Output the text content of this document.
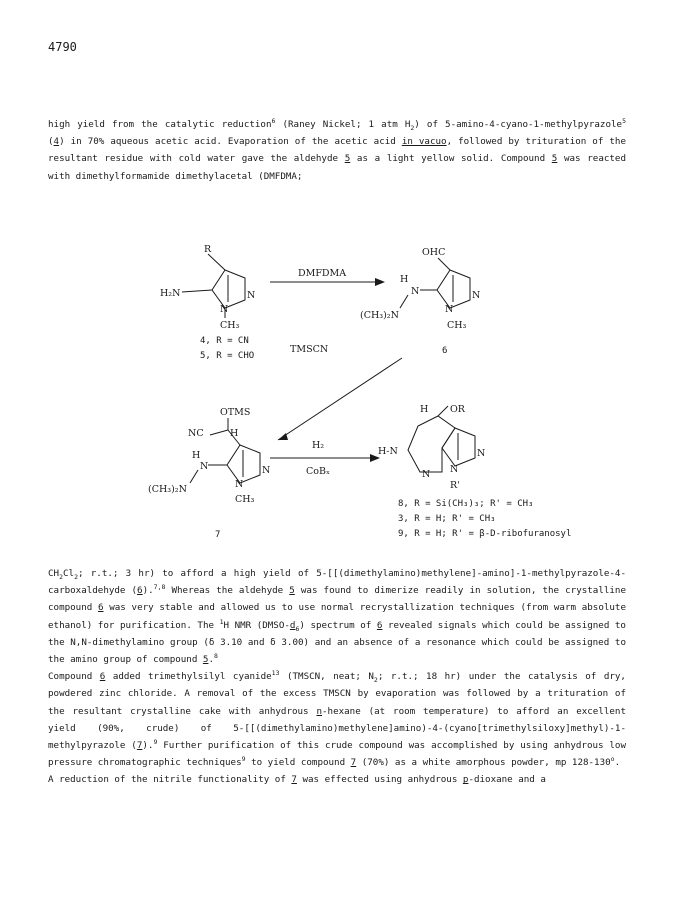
4790

high yield from the catalytic reduction$^6$ (Raney Nickel; 1 atm $H_2$) of 5-amino-4-cyano-1-methylpyrazole$^5$ (4) in 70% aqueous acetic acid. Evaporation of the acetic acid in vacuo, followed by trituration of the resultant residue with cold water gave the aldehyde 5 as a light yellow solid. Compound 5 was reacted with dimethylformamide dimethylacetal (DMFDMA;

R
H₂N	N
N
CH₃
4, R = CN
5, R = CHO
DMFDMA
OHC
H
N
(CH₃)₂N
N
N
CH₃
6
TMSCN
OTMS
NC	H
H
N
(CH₃)₂N
N
N
CH₃
7
H₂
CoBₓ
H OR
H-N
N
N
N
R'
8, R = Si(CH₃)₃; R' = CH₃
3, R = H; R' = CH₃
9, R = H; R' = β-D-ribofuranosyl

$CH_2Cl_2$; r.t.; 3 hr) to afford a high yield of 5-[[(dimethylamino)methylene]-amino]-1-methylpyrazole-4-carboxaldehyde (6).$^{7,8}$ Whereas the aldehyde 5 was found to dimerize readily in solution, the crystalline compound 6 was very stable and allowed us to use normal recrystallization techniques (from warm absolute ethanol) for purification. The $^1$H NMR $(DMSO-d_6)$ spectrum of 6 revealed signals which could be assigned to the N,N-dimethylamino group (δ 3.10 and δ 3.00) and an absence of a resonance which could be assigned to the amino group of compound 5.$^8$

Compound 6 added trimethylsilyl cyanide$^{13}$ (TMSCN, neat; $N_2$; r.t.; 18 hr) under the catalysis of dry, powdered zinc chloride. A removal of the excess TMSCN by evaporation was followed by a trituration of the resultant crystalline cake with anhydrous n-hexane (at room temperature) to afford an excellent yield (90%, crude) of 5-[[(dimethylamino)methylene]amino)-4-(cyano[trimethylsiloxy]methyl)-1-methylpyrazole (7).$^9$ Further purification of this crude compound was accomplished by using anhydrous low pressure chromatographic techniques$^9$ to yield compound 7 (70%) as a white amorphous powder, mp 128-130$^o$.

A reduction of the nitrile functionality of 7 was effected using anhydrous p-dioxane and a
